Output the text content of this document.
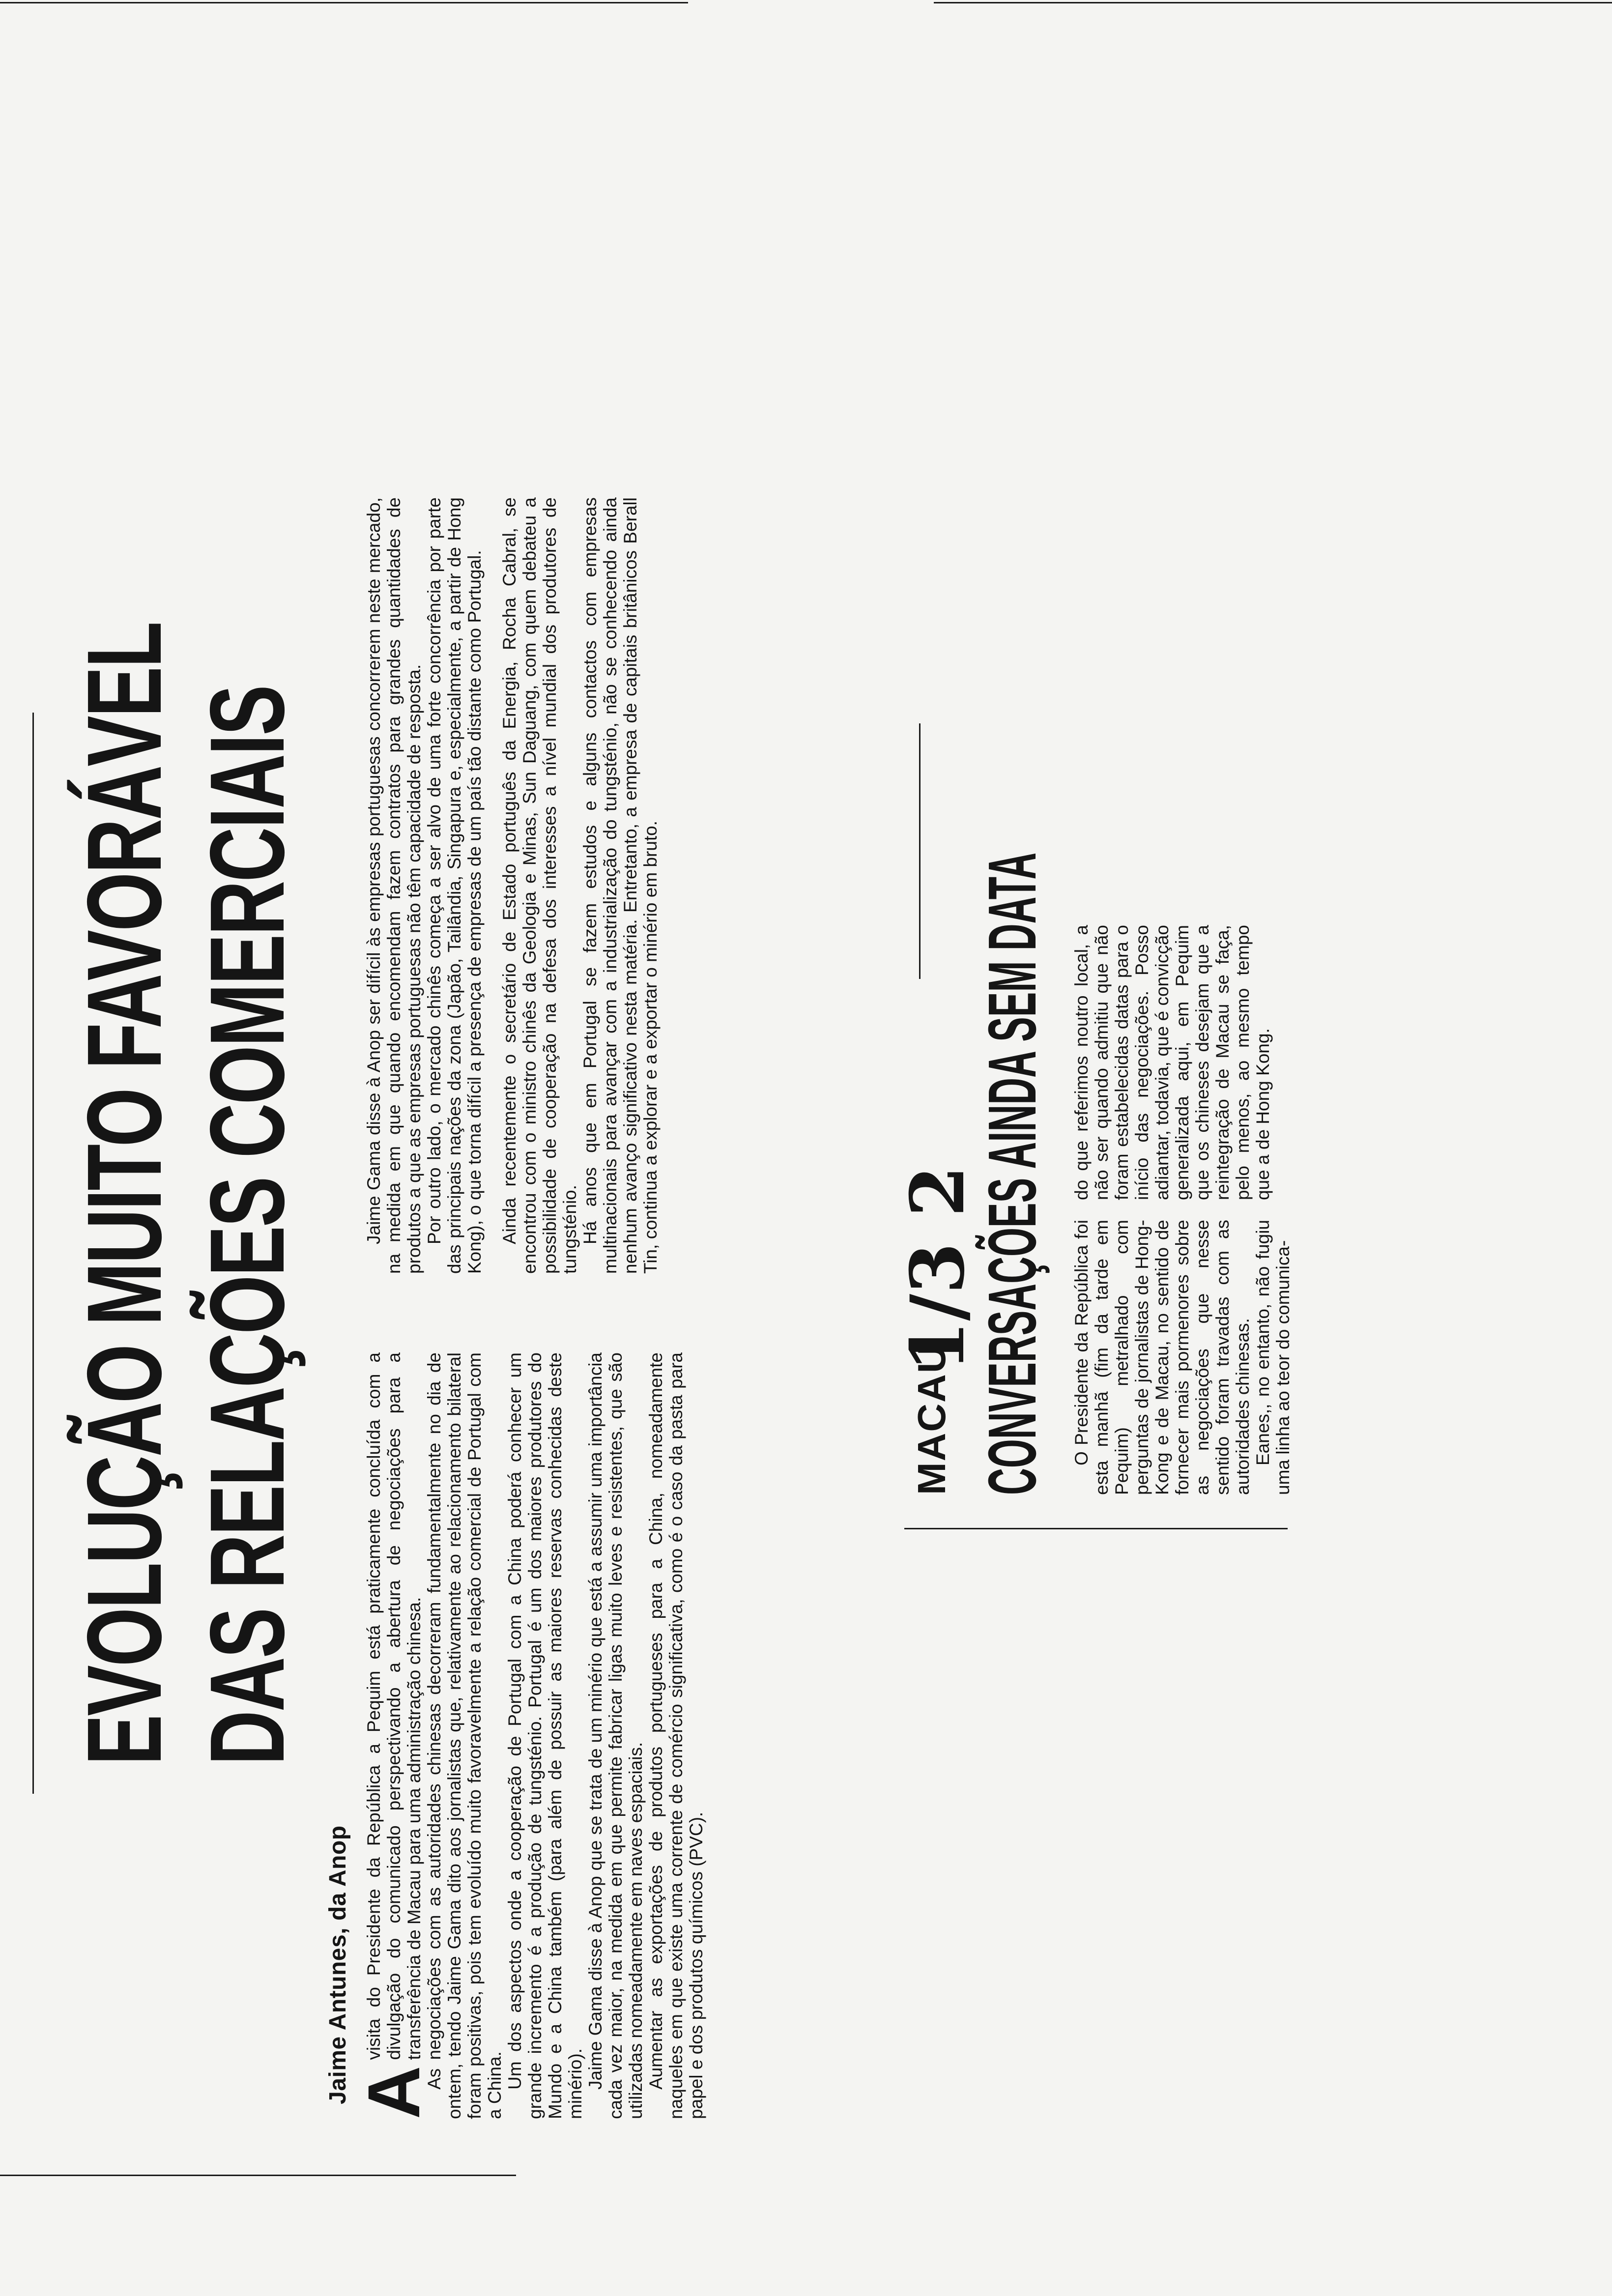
EVOLUÇÃO MUITO FAVORÁVEL DAS RELAÇÕES COMERCIAIS
Jaime Antunes, da Anop A

visita do Presidente da República a Pequim está praticamente concluída com a divulgação do comunicado perspectivando a abertura de negociações para a transferência de Macau para uma administração chinesa. As negociações com as autoridades chinesas decorreram fundamentalmente no dia de ontem, tendo Jaime Gama dito aos jornalistas que, relativamente ao relacionamento bilateral foram positivas, pois tem evoluído muito favoravelmente a relação comercial de Portugal com a China. Um dos aspectos onde a cooperação de Portugal com a China poderá conhecer um grande incremento é a produção de tungsténio. Portugal é um dos maiores produtores do Mundo e a China também (para além de possuir as maiores reservas conhecidas deste minério). Jaime Gama disse à Anop que se trata de um minério que está a assumir uma importância cada vez maior, na medida em que permite fabricar ligas muito leves e resistentes, que são utilizadas nomeadamente em naves espaciais. Aumentar as exportações de produtos portugueses para a China, nomeadamente naqueles em que existe uma corrente de comércio significativa, como é o caso da pasta para papel e dos produtos químicos (PVC).

Jaime Gama disse à Anop ser difícil às empresas portuguesas concorrerem neste mercado, na medida em que quando encomendam fazem contratos para grandes quantidades de produtos a que as empresas portuguesas não têm capacidade de resposta. Por outro lado, o mercado chinês começa a ser alvo de uma forte concorrência por parte das principais nações da zona (Japão, Tailândia, Singapura e, especialmente, a partir de Hong Kong), o que torna difícil a presença de empresas de um país tão distante como Portugal. Ainda recentemente o secretário de Estado português da Energia, Rocha Cabral, se encontrou com o ministro chinês da Geologia e Minas, Sun Daguang, com quem debateu a possibilidade de cooperação na defesa dos interesses a nível mundial dos produtores de tungsténio. Há anos que em Portugal se fazem estudos e alguns contactos com empresas multinacionais para avançar com a industrialização do tungsténio, não se conhecendo ainda nenhum avanço significativo nesta matéria. Entretanto, a empresa de capitais britânicos Berall Tin, continua a explorar e a exportar o minério em bruto.

MACAU
1/3 2
CONVERSAÇÕES AINDA SEM DATA O Presidente da República foi esta manhã (fim da tarde em Pequim) metralhado com perguntas de jornalistas de Hong-Kong e de Macau, no sentido de fornecer mais pormenores sobre as negociações que nesse sentido foram travadas com as autoridades chinesas. Eanes,, no entanto, não fugiu uma linha ao teor do comunica-

do que referimos noutro local, a não ser quando admitiu que não foram estabelecidas datas para o início das negociações. Posso adiantar, todavia, que é convicção generalizada aqui, em Pequim que os chineses desejam que a reintegração de Macau se faça, pelo menos, ao mesmo tempo que a de Hong Kong.
